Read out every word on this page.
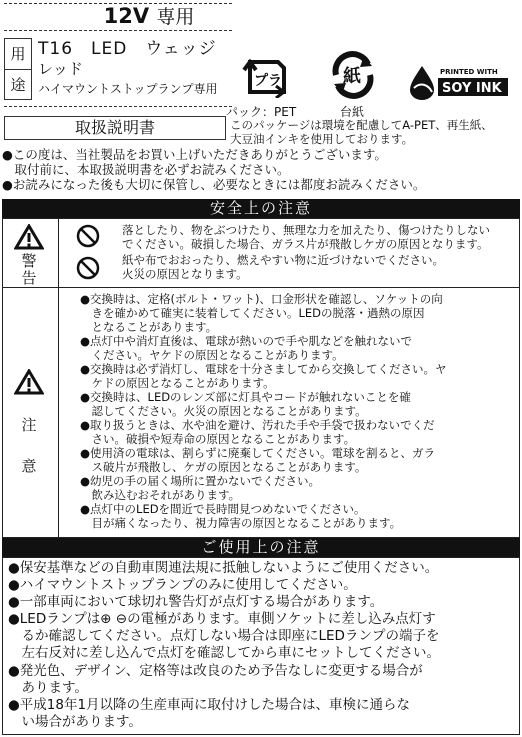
12V 専用
用
途
T16　LED　ウェッジ
レッド
ハイマウントストップランプ専用	プラ	紙	PRINTED WITH
SOY INK
パック：PET	台紙
取扱説明書	このパッケージは環境を配慮してA-PET、再生紙、
大豆油インキを使用しております。
●この度は、当社製品をお買い上げいただきありがとうございます。
　取付前に、本取扱説明書を必ずお読みください。
●お読みになった後も大切に保管し、必要なときには都度お読みください。
安全上の注意
警
告
落としたり、物をぶつけたり、無理な力を加えたり、傷つけたりしない
でください。破損した場合、ガラス片が飛散しケガの原因となります。
紙や布でおおったり、燃えやすい物に近づけないでください。
火災の原因となります。
注
意
●交換時は、定格(ボルト・ワット)、口金形状を確認し、ソケットの向
　きを確かめて確実に装着してください。LEDの脱落・過熱の原因
　となることがあります。
●点灯中や消灯直後は、電球が熱いので手や肌などを触れないで
　ください。ヤケドの原因となることがあります。
●交換時は必ず消灯し、電球を十分さましてから交換してください。ヤ
　ケドの原因となることがあります。
●交換時は、LEDのレンズ部に灯具やコードが触れないことを確
　認してください。火災の原因となることがあります。
●取り扱うときは、水や油を避け、汚れた手や手袋で扱わないでくだ
　さい。破損や短寿命の原因となることがあります。
●使用済の電球は、割らずに廃棄してください。電球を割ると、ガラ
　ス破片が飛散し、ケガの原因となることがあります。
●幼児の手の届く場所に置かないでください。
　飲み込むおそれがあります。
●点灯中のLEDを間近で長時間見つめないでください。
　目が痛くなったり、視力障害の原因となることがあります。
ご使用上の注意
●保安基準などの自動車関連法規に抵触しないようにご使用ください。
●ハイマウントストップランプのみに使用してください。
●一部車両において球切れ警告灯が点灯する場合があります。
●LEDランプは⊕ ⊖の電極があります。車側ソケットに差し込み点灯す
　るか確認してください。点灯しない場合は即座にLEDランプの端子を
　左右反対に差し込んで点灯を確認してから車にセットしてください。
●発光色、デザイン、定格等は改良のため予告なしに変更する場合が
　あります。
●平成18年1月以降の生産車両に取付けした場合は、車検に通らな
　い場合があります。
